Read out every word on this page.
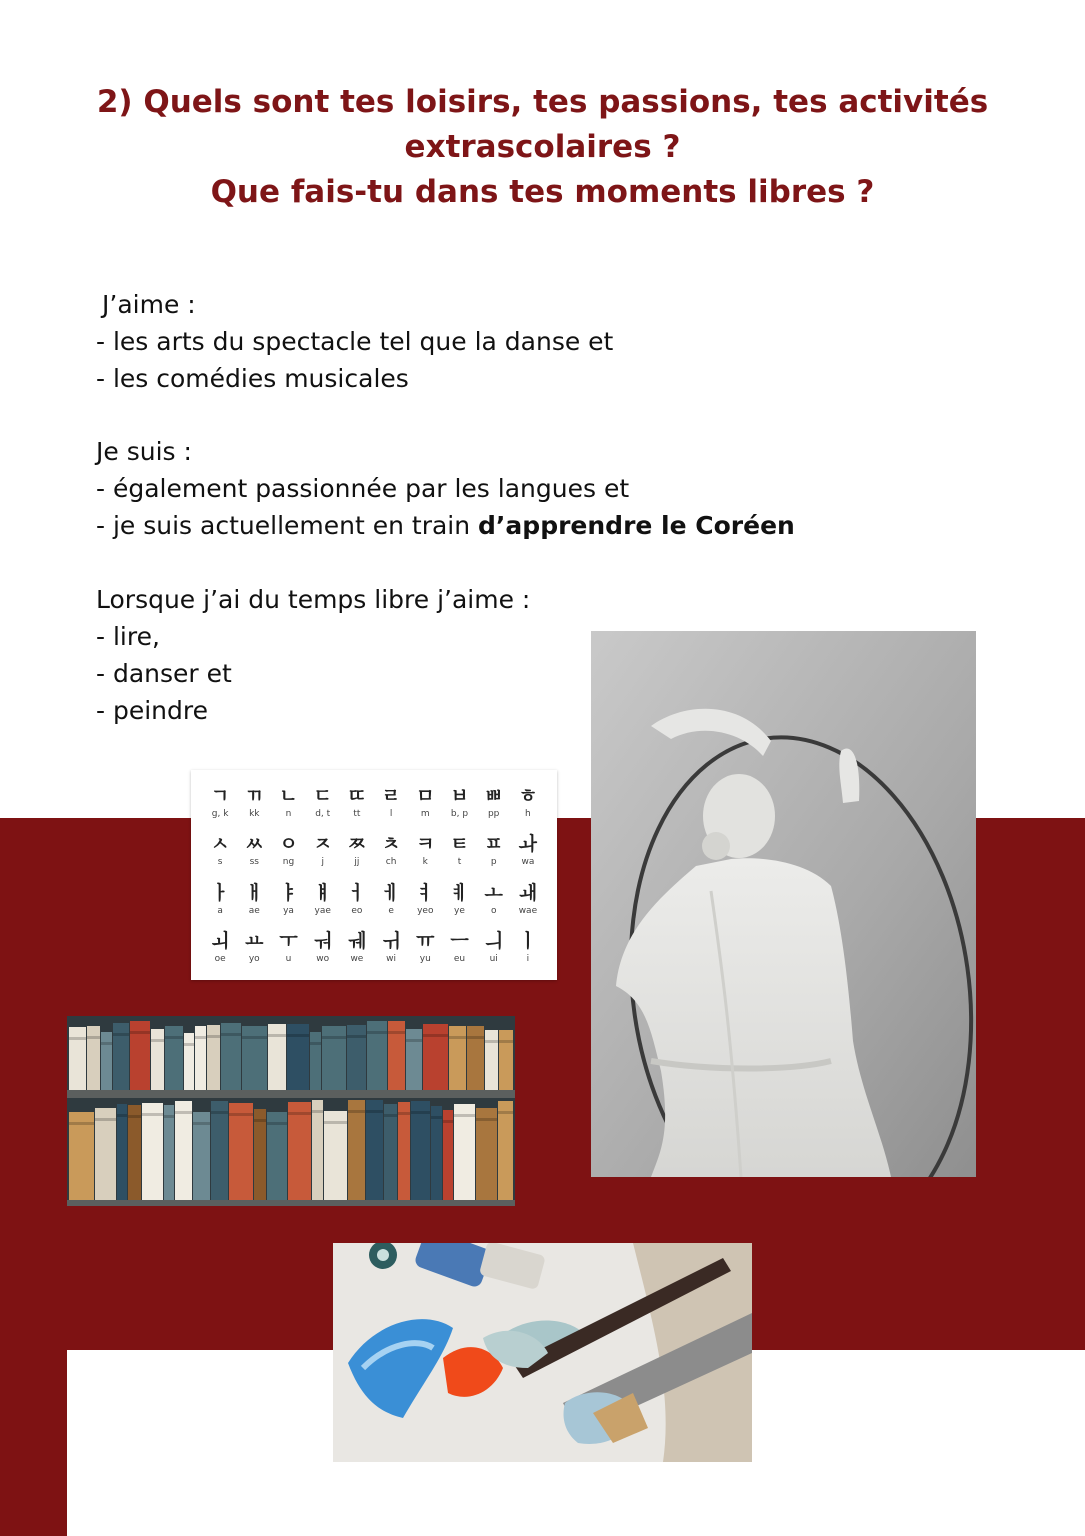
2) Quels sont tes loisirs, tes passions, tes activités
extrascolaires ?
Que fais-tu dans tes moments libres ?
J’aime :
- les arts du spectacle tel que la danse et
- les comédies musicales
Je suis :
- également passionnée par les langues et
- je suis actuellement en train d’apprendre le Coréen
Lorsque j’ai du temps libre j’aime :
- lire,
- danser et
- peindre
ㄱ
g, k
ㄲ
kk
ㄴ
n
ㄷ
d, t
ㄸ
tt
ㄹ
l
ㅁ
m
ㅂ
b, p
ㅃ
pp
ㅎ
h
ㅅ
s
ㅆ
ss
ㅇ
ng
ㅈ
j
ㅉ
jj
ㅊ
ch
ㅋ
k
ㅌ
t
ㅍ
p
ㅘ
wa
ㅏ
a
ㅐ
ae
ㅑ
ya
ㅒ
yae
ㅓ
eo
ㅔ
e
ㅕ
yeo
ㅖ
ye
ㅗ
o
ㅙ
wae
ㅚ
oe
ㅛ
yo
ㅜ
u
ㅝ
wo
ㅞ
we
ㅟ
wi
ㅠ
yu
ㅡ
eu
ㅢ
ui
ㅣ
i
